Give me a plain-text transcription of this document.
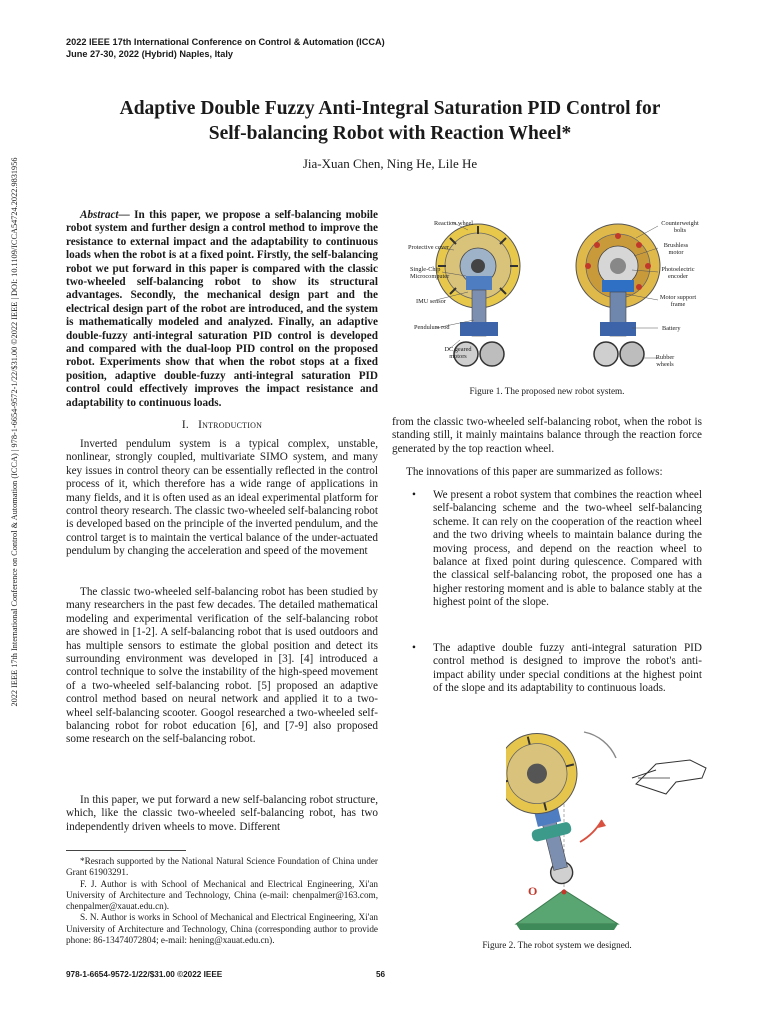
2022 IEEE 17th International Conference on Control & Automation (ICCA)
June 27-30, 2022 (Hybrid) Naples, Italy
Adaptive Double Fuzzy Anti-Integral Saturation PID Control for
Self-balancing Robot with Reaction Wheel*
Jia-Xuan Chen, Ning He, Lile He
2022 IEEE 17th International Conference on Control & Automation (ICCA) | 978-1-6654-9572-1/22/$31.00 ©2022 IEEE | DOI: 10.1109/ICCA54724.2022.9831956	Abstract— In this paper, we propose a self-balancing mobile robot system and further design a control method to improve the resistance to external impact and the adaptability to continuous loads when the robot is at a fixed point. Firstly, the self-balancing robot we put forward in this paper is compared with the classic two-wheeled self-balancing robot to show its structural advantages. Secondly, the mechanical design part and the electrical design part of the robot are introduced, and the system is mathematically modeled and analyzed. Finally, an adaptive double-fuzzy anti-integral saturation PID control is developed and compared with the dual-loop PID control on the proposed robot. Experiments show that when the robot stops at a fixed position, adaptive double-fuzzy anti-integral saturation PID control could effectively improves the impact resistance and adaptability to continuous loads.

I. Introduction

Inverted pendulum system is a typical complex, unstable, nonlinear, strongly coupled, multivariate SIMO system, and many key issues in control theory can be essentially reflected in the control process of it, which therefore has a wide range of applications in many fields, and it is often used as an ideal experimental platform for control theory research. The classic two-wheeled self-balancing robot is developed based on the principle of the inverted pendulum, and the control target is to maintain the vertical balance of the under-actuated pendulum by changing the acceleration and speed of the movement

The classic two-wheeled self-balancing robot has been studied by many researchers in the past few decades. The detailed mathematical modeling and experimental verification of the self-balancing robot are showed in [1-2]. A self-balancing robot that is used outdoors and has multiple sensors to estimate the global position and detect its surrounding environment was developed in [3]. [4] introduced a control technique to solve the instability of the high-speed movement of a two-wheeled self-balancing robot. [5] proposed an adaptive control method based on neural network and applied it to a two-wheel self-balancing scooter. Googol researched a two-wheeled self-balancing robot for robot education [6], and [7-9] also proposed some research on the self-balancing robot.

In this paper, we put forward a new self-balancing robot structure, which, like the classic two-wheeled self-balancing robot, has two independently driven wheels to move. Different

*Resrach supported by the National Natural Science Foundation of China under Grant 61903291.

F. J. Author is with School of Mechanical and Electrical Engineering, Xi'an University of Architecture and Technology, China (e-mail: chenpalmer@163.com, chenpalmer@xauat.edu.cn).

S. N. Author is works in School of Mechanical and Electrical Engineering, Xi'an University of Architecture and Technology, China (corresponding author to provide phone: 86-13474072804; e-mail: hening@xauat.edu.cn).

Reaction wheel
Protective cover
Single-Chip Microcomputer
IMU sensor
Pendulum rod
DC geared motors
Counterweight bolts
Brushless motor
Photoelectric encoder
Motor support frame
Battery
Rubber wheels
Figure 1. The proposed new robot system.

from the classic two-wheeled self-balancing robot, when the robot is standing still, it mainly maintains balance through the reaction force generated by the top reaction wheel.

The innovations of this paper are summarized as follows:

• We present a robot system that combines the reaction wheel self-balancing scheme and the two-wheel self-balancing scheme. It can rely on the cooperation of the reaction wheel and the two driving wheels to maintain balance during the moving process, and depend on the reaction wheel to balance at fixed point during quiescence. Compared with the classical self-balancing robot, the proposed one has a higher restoring moment and is able to balance stably at the highest point of the slope.
• The adaptive double fuzzy anti-integral saturation PID control method is designed to improve the robot's anti-impact ability under special conditions at the highest point of the slope and its adaptability to continuous loads.
O
Figure 2. The robot system we designed.
978-1-6654-9572-1/22/$31.00 ©2022 IEEE	56
